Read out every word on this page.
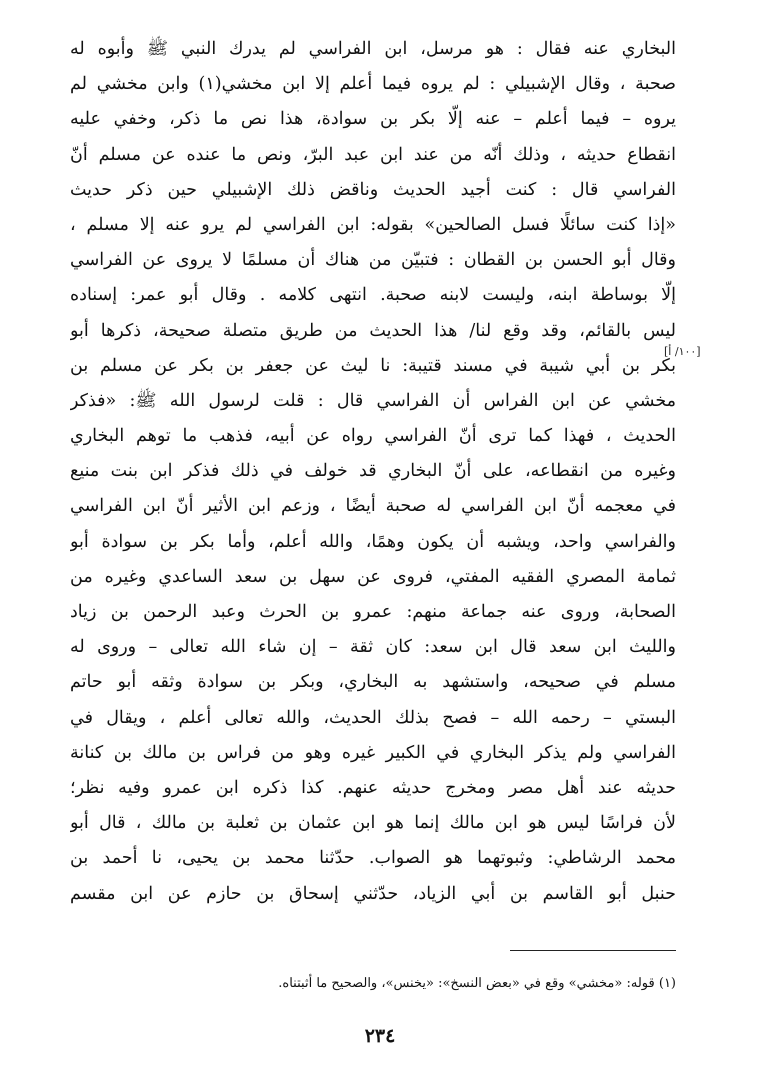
البخاري عنه فقال : هو مرسل، ابن الفراسي لم يدرك النبي ﷺ وأبوه له
صحبة ، وقال الإشبيلي : لم يروه فيما أعلم إلا ابن مخشي(١) وابن مخشي لم
يروه – فيما أعلم – عنه إلّا بكر بن سوادة، هذا نص ما ذكر، وخفي عليه
انقطاع حديثه ، وذلك أنّه من عند ابن عبد البرّ، ونص ما عنده عن مسلم أنّ
الفراسي قال : كنت أجيد الحديث وناقض ذلك الإشبيلي حين ذكر حديث
«إذا كنت سائلًا فسل الصالحين» بقوله: ابن الفراسي لم يرو عنه إلا مسلم ،
وقال أبو الحسن بن القطان : فتبيّن من هناك أن مسلمًا لا يروى عن الفراسي
إلّا بوساطة ابنه، وليست لابنه صحبة. انتهى كلامه . وقال أبو عمر: إسناده
ليس بالقائم، وقد وقع لنا/ هذا الحديث من طريق متصلة صحيحة، ذكرها أبو
بكر بن أبي شيبة في مسند قتيبة: نا ليث عن جعفر بن بكر عن مسلم بن
مخشي عن ابن الفراس أن الفراسي قال : قلت لرسول الله ﷺ: «فذكر
الحديث ، فهذا كما ترى أنّ الفراسي رواه عن أبيه، فذهب ما توهم البخاري
وغيره من انقطاعه، على أنّ البخاري قد خولف في ذلك فذكر ابن بنت منيع
في معجمه أنّ ابن الفراسي له صحبة أيضًا ، وزعم ابن الأثير أنّ ابن الفراسي
والفراسي واحد، ويشبه أن يكون وهمًا، والله أعلم، وأما بكر بن سوادة أبو
ثمامة المصري الفقيه المفتي، فروى عن سهل بن سعد الساعدي وغيره من
الصحابة، وروى عنه جماعة منهم: عمرو بن الحرث وعبد الرحمن بن زياد
والليث ابن سعد قال ابن سعد: كان ثقة – إن شاء الله تعالى – وروى له
مسلم في صحيحه، واستشهد به البخاري، وبكر بن سوادة وثقه أبو حاتم
البستي – رحمه الله – فصح بذلك الحديث، والله تعالى أعلم ، ويقال في
الفراسي ولم يذكر البخاري في الكبير غيره وهو من فراس بن مالك بن كنانة
حديثه عند أهل مصر ومخرج حديثه عنهم. كذا ذكره ابن عمرو وفيه نظر؛
لأن فراسًا ليس هو ابن مالك إنما هو ابن عثمان بن ثعلبة بن مالك ، قال أبو
محمد الرشاطي: وثبوتهما هو الصواب. حدّثنا محمد بن يحيى، نا أحمد بن
حنبل أبو القاسم بن أبي الزياد، حدّثني إسحاق بن حازم عن ابن مقسم
[١٠٠/ أ]
(١) قوله: «مخشي» وقع في «بعض النسخ»: «يخنس»، والصحيح ما أثبتناه.
٢٣٤
